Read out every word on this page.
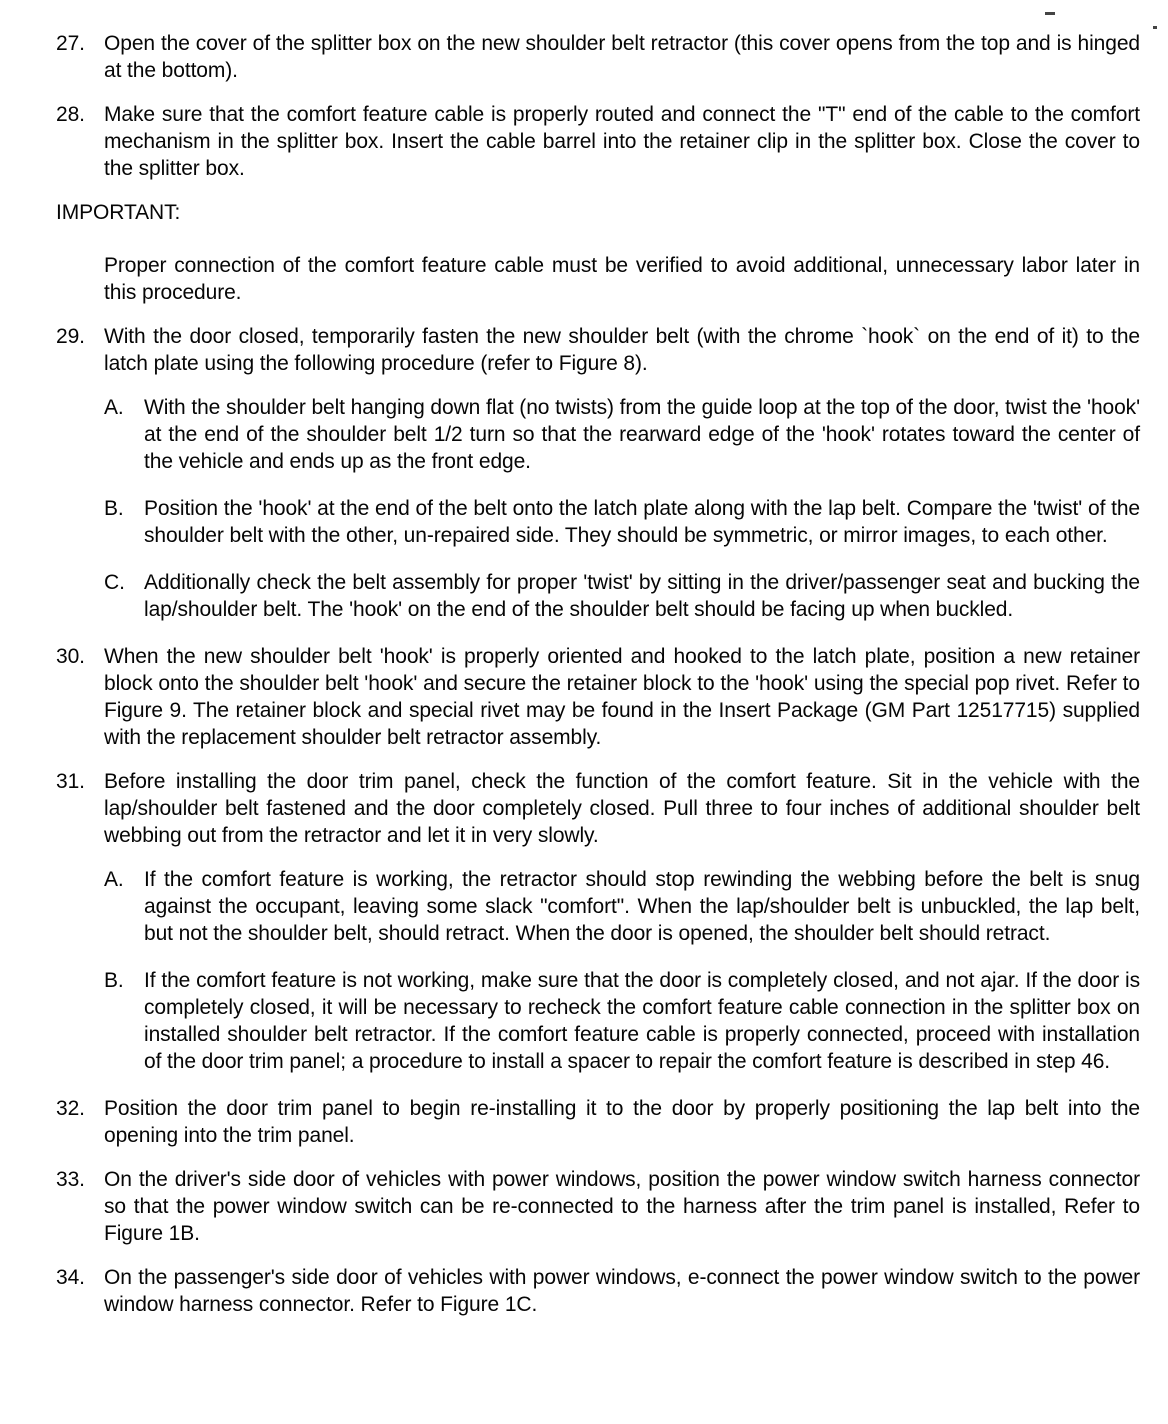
27. Open the cover of the splitter box on the new shoulder belt retractor (this cover opens from the top and is hinged at the bottom).

28. Make sure that the comfort feature cable is properly routed and connect the "T" end of the cable to the comfort mechanism in the splitter box. Insert the cable barrel into the retainer clip in the splitter box. Close the cover to the splitter box.

IMPORTANT:

Proper connection of the comfort feature cable must be verified to avoid additional, unnecessary labor later in this procedure.

29. With the door closed, temporarily fasten the new shoulder belt (with the chrome `hook` on the end of it) to the latch plate using the following procedure (refer to Figure 8).

A. With the shoulder belt hanging down flat (no twists) from the guide loop at the top of the door, twist the 'hook' at the end of the shoulder belt 1/2 turn so that the rearward edge of the 'hook' rotates toward the center of the vehicle and ends up as the front edge.

B. Position the 'hook' at the end of the belt onto the latch plate along with the lap belt. Compare the 'twist' of the shoulder belt with the other, un-repaired side. They should be symmetric, or mirror images, to each other.

C. Additionally check the belt assembly for proper 'twist' by sitting in the driver/passenger seat and bucking the lap/shoulder belt. The 'hook' on the end of the shoulder belt should be facing up when buckled.

30. When the new shoulder belt 'hook' is properly oriented and hooked to the latch plate, position a new retainer block onto the shoulder belt 'hook' and secure the retainer block to the 'hook' using the special pop rivet. Refer to Figure 9. The retainer block and special rivet may be found in the Insert Package (GM Part 12517715) supplied with the replacement shoulder belt retractor assembly.

31. Before installing the door trim panel, check the function of the comfort feature. Sit in the vehicle with the lap/shoulder belt fastened and the door completely closed. Pull three to four inches of additional shoulder belt webbing out from the retractor and let it in very slowly.

A. If the comfort feature is working, the retractor should stop rewinding the webbing before the belt is snug against the occupant, leaving some slack "comfort". When the lap/shoulder belt is unbuckled, the lap belt, but not the shoulder belt, should retract. When the door is opened, the shoulder belt should retract.

B. If the comfort feature is not working, make sure that the door is completely closed, and not ajar. If the door is completely closed, it will be necessary to recheck the comfort feature cable connection in the splitter box on installed shoulder belt retractor. If the comfort feature cable is properly connected, proceed with installation of the door trim panel; a procedure to install a spacer to repair the comfort feature is described in step 46.

32. Position the door trim panel to begin re-installing it to the door by properly positioning the lap belt into the opening into the trim panel.

33. On the driver's side door of vehicles with power windows, position the power window switch harness connector so that the power window switch can be re-connected to the harness after the trim panel is installed, Refer to Figure 1B.

34. On the passenger's side door of vehicles with power windows, e-connect the power window switch to the power window harness connector. Refer to Figure 1C.
